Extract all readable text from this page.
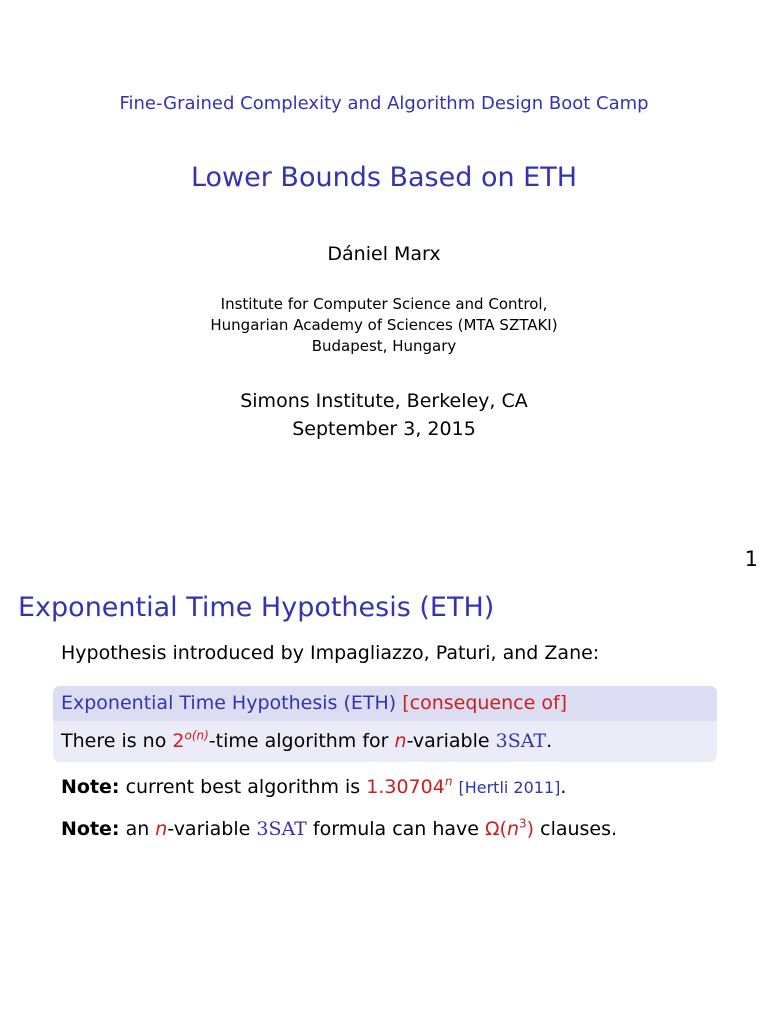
Fine-Grained Complexity and Algorithm Design Boot Camp
Lower Bounds Based on ETH
Dániel Marx
Institute for Computer Science and Control,
Hungarian Academy of Sciences (MTA SZTAKI)
Budapest, Hungary
Simons Institute, Berkeley, CA
September 3, 2015
1
Exponential Time Hypothesis (ETH)
Hypothesis introduced by Impagliazzo, Paturi, and Zane:
Exponential Time Hypothesis (ETH) [consequence of]
There is no $2^{o(n)}$-time algorithm for n-variable 3SAT.
Note: current best algorithm is 1.30704$^n$ [Hertli 2011].
Note: an n-variable 3SAT formula can have $\Omega(n^3)$ clauses.
